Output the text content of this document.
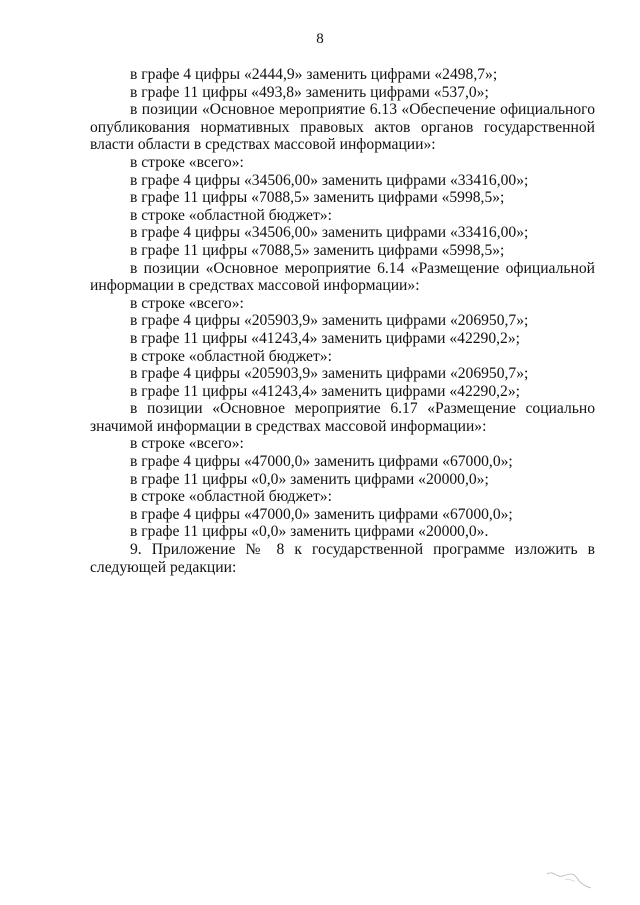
8

в графе 4 цифры «2444,9» заменить цифрами «2498,7»;

в графе 11 цифры «493,8» заменить цифрами «537,0»;

в позиции «Основное мероприятие 6.13 «Обеспечение официального опубликования нормативных правовых актов органов государственной власти области в средствах массовой информации»:

в строке «всего»:

в графе 4 цифры «34506,00» заменить цифрами «33416,00»;

в графе 11 цифры «7088,5» заменить цифрами «5998,5»;

в строке «областной бюджет»:

в графе 4 цифры «34506,00» заменить цифрами «33416,00»;

в графе 11 цифры «7088,5» заменить цифрами «5998,5»;

в позиции «Основное мероприятие 6.14 «Размещение официальной информации в средствах массовой информации»:

в строке «всего»:

в графе 4 цифры «205903,9» заменить цифрами «206950,7»;

в графе 11 цифры «41243,4» заменить цифрами «42290,2»;

в строке «областной бюджет»:

в графе 4 цифры «205903,9» заменить цифрами «206950,7»;

в графе 11 цифры «41243,4» заменить цифрами «42290,2»;

в позиции «Основное мероприятие 6.17 «Размещение социально значимой информации в средствах массовой информации»:

в строке «всего»:

в графе 4 цифры «47000,0» заменить цифрами «67000,0»;

в графе 11 цифры «0,0» заменить цифрами «20000,0»;

в строке «областной бюджет»:

в графе 4 цифры «47000,0» заменить цифрами «67000,0»;

в графе 11 цифры «0,0» заменить цифрами «20000,0».

9. Приложение № 8 к государственной программе изложить в следующей редакции:
